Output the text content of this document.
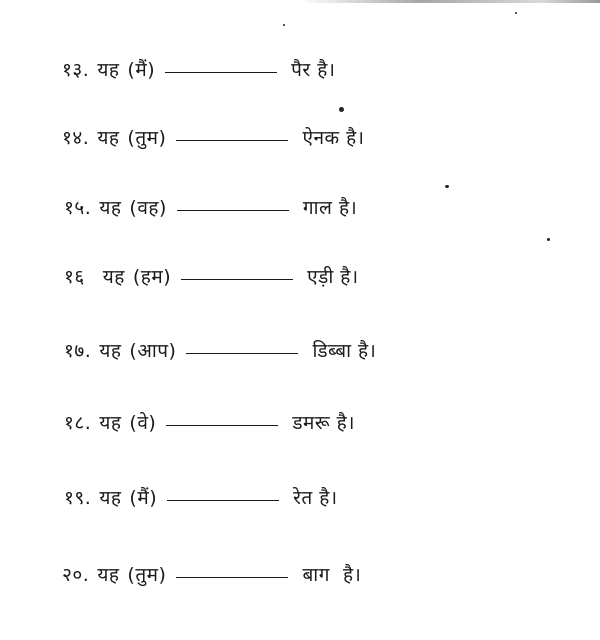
१३. यह (मैं)	पैर है।
१४. यह (तुम)	ऐनक है।
१५. यह (वह)	गाल है।
१६ यह (हम)	एड़ी है।
१७. यह (आप)	डिब्बा है।
१८. यह (वे)	डमरू है।
१९. यह (मैं)	रेत है।
२०. यह (तुम)	बाग  है।
